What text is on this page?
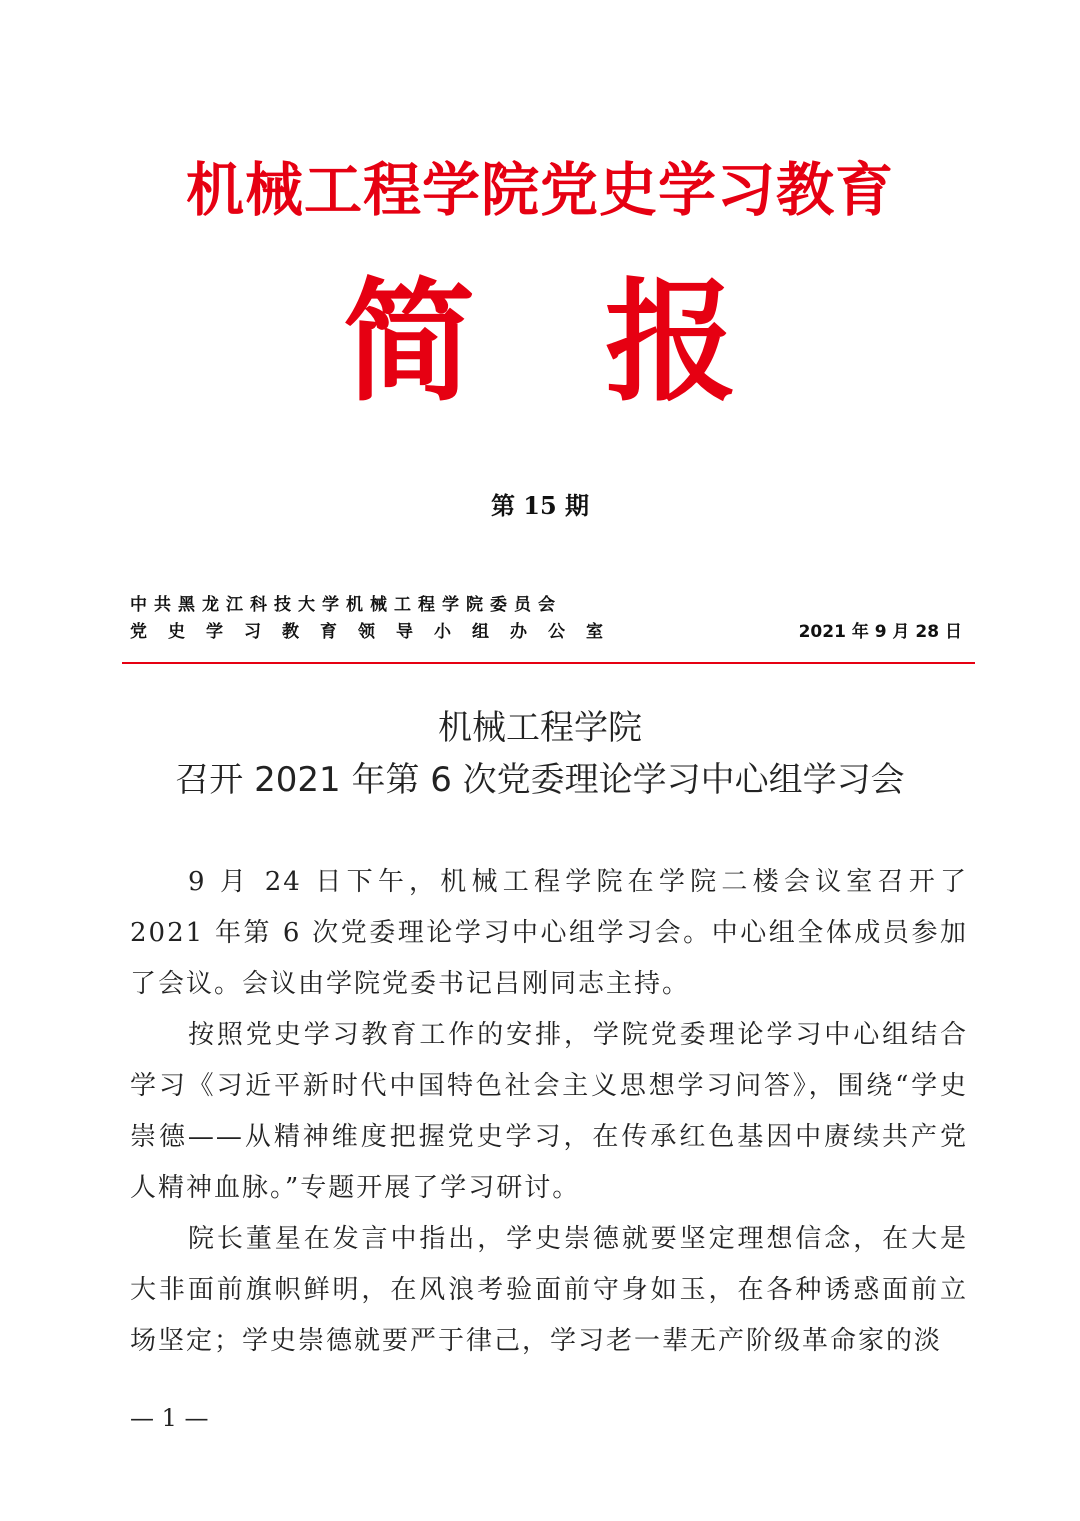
机械工程学院党史学习教育
简 报
第 15 期
中共黑龙江科技大学机械工程学院委员会
党史学习教育领导小组办公室	2021 年 9 月 28 日
机械工程学院
召开 2021 年第 6 次党委理论学习中心组学习会

9 月 24 日下午，机械工程学院在学院二楼会议室召开了 2021 年第 6 次党委理论学习中心组学习会。中心组全体成员参加了会议。会议由学院党委书记吕刚同志主持。

按照党史学习教育工作的安排，学院党委理论学习中心组结合学习《习近平新时代中国特色社会主义思想学习问答》，围绕“学史崇德——从精神维度把握党史学习，在传承红色基因中赓续共产党人精神血脉。”专题开展了学习研讨。

院长董星在发言中指出，学史崇德就要坚定理想信念，在大是大非面前旗帜鲜明，在风浪考验面前守身如玉，在各种诱惑面前立场坚定；学史崇德就要严于律己，学习老一辈无产阶级革命家的淡

— 1 —
